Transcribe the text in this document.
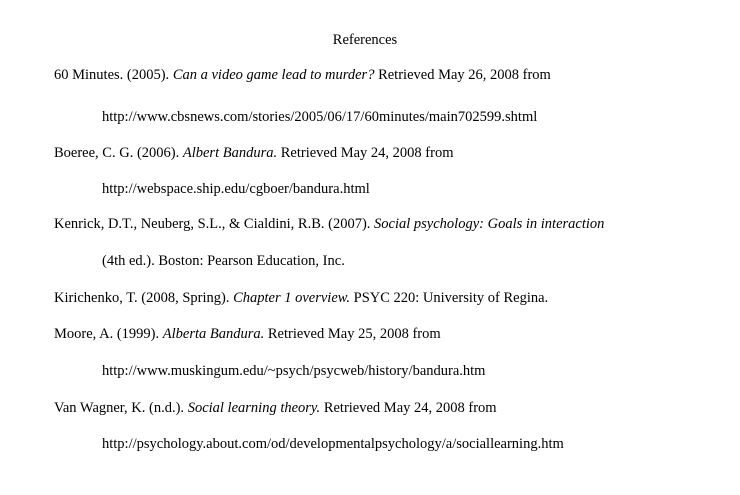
References
60 Minutes. (2005). Can a video game lead to murder? Retrieved May 26, 2008 from
http://www.cbsnews.com/stories/2005/06/17/60minutes/main702599.shtml
Boeree, C. G. (2006). Albert Bandura. Retrieved May 24, 2008 from
http://webspace.ship.edu/cgboer/bandura.html
Kenrick, D.T., Neuberg, S.L., & Cialdini, R.B. (2007). Social psychology: Goals in interaction
(4th ed.). Boston: Pearson Education, Inc.
Kirichenko, T. (2008, Spring). Chapter 1 overview. PSYC 220: University of Regina.
Moore, A. (1999). Alberta Bandura. Retrieved May 25, 2008 from
http://www.muskingum.edu/~psych/psycweb/history/bandura.htm
Van Wagner, K. (n.d.). Social learning theory. Retrieved May 24, 2008 from
http://psychology.about.com/od/developmentalpsychology/a/sociallearning.htm
